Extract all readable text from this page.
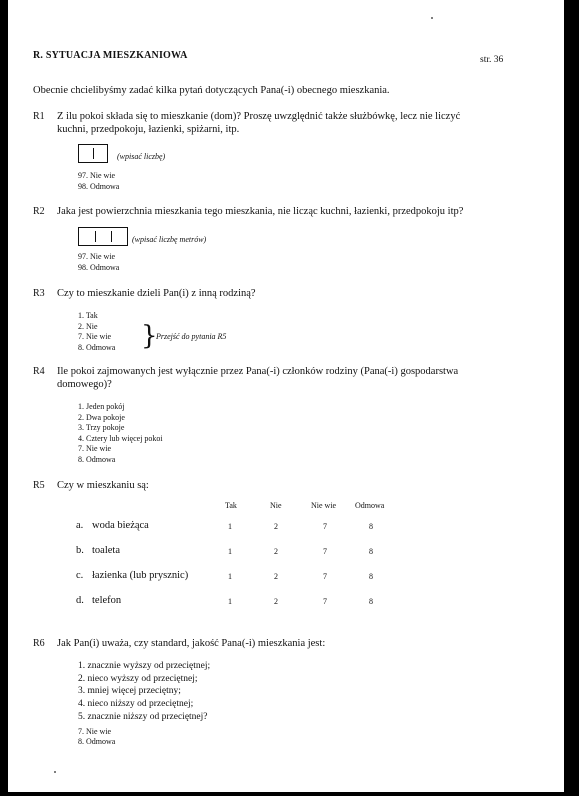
R. SYTUACJA MIESZKANIOWA	str. 36
Obecnie chcielibyśmy zadać kilka pytań dotyczących Pana(-i) obecnego mieszkania.
R1 Z ilu pokoi składa się to mieszkanie (dom)? Proszę uwzględnić także służbówkę, lecz nie liczyć
kuchni, przedpokoju, łazienki, spiżarni, itp.
(wpisać liczbę)
97. Nie wie
98. Odmowa
R2 Jaka jest powierzchnia mieszkania tego mieszkania, nie licząc kuchni, łazienki, przedpokoju itp?
(wpisać liczbę metrów)
97. Nie wie
98. Odmowa
R3 Czy to mieszkanie dzieli Pan(i) z inną rodziną?
1. Tak
2. Nie
7. Nie wie
8. Odmowa }
Przejść do pytania R5
R4 Ile pokoi zajmowanych jest wyłącznie przez Pana(-i) członków rodziny (Pana(-i) gospodarstwa
domowego)?
1. Jeden pokój
2. Dwa pokoje
3. Trzy pokoje
4. Cztery lub więcej pokoi
7. Nie wie
8. Odmowa
R5 Czy w mieszkaniu są:
Tak	Nie	Nie wie Odmowa
a. woda bieżąca	1	2	7	8
b. toaleta	1	2	7	8
c. łazienka (lub prysznic)	1	2	7	8
d. telefon	1	2	7	8
R6 Jak Pan(i) uważa, czy standard, jakość Pana(-i) mieszkania jest:
1. znacznie wyższy od przeciętnej;
2. nieco wyższy od przeciętnej;
3. mniej więcej przeciętny;
4. nieco niższy od przeciętnej;
5. znacznie niższy od przeciętnej?
7. Nie wie
8. Odmowa
